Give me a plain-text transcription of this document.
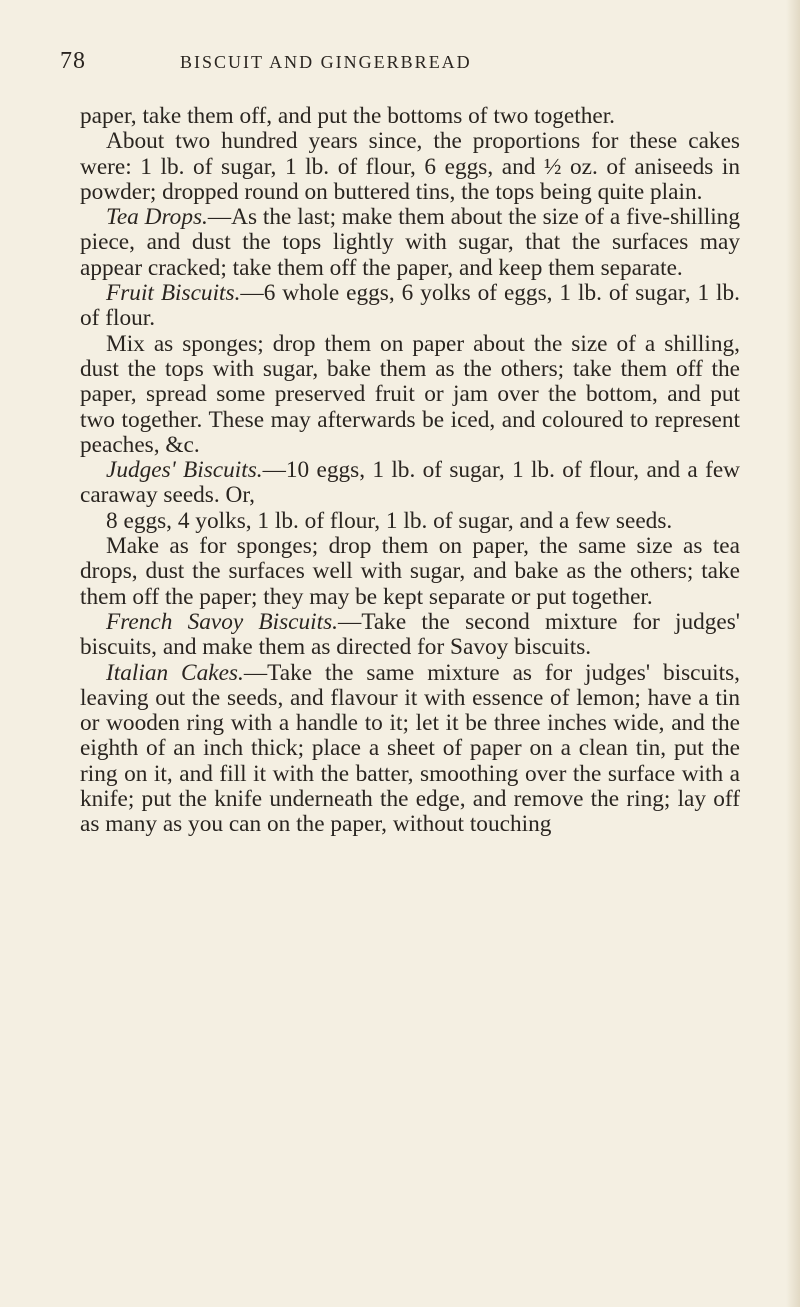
78	BISCUIT AND GINGERBREAD

paper, take them off, and put the bottoms of two together.

About two hundred years since, the proportions for these cakes were: 1 lb. of sugar, 1 lb. of flour, 6 eggs, and ½ oz. of aniseeds in powder; dropped round on buttered tins, the tops being quite plain.

Tea Drops.—As the last; make them about the size of a five-shilling piece, and dust the tops lightly with sugar, that the surfaces may appear cracked; take them off the paper, and keep them separate.

Fruit Biscuits.—6 whole eggs, 6 yolks of eggs, 1 lb. of sugar, 1 lb. of flour.

Mix as sponges; drop them on paper about the size of a shilling, dust the tops with sugar, bake them as the others; take them off the paper, spread some preserved fruit or jam over the bottom, and put two together. These may afterwards be iced, and coloured to represent peaches, &c.

Judges' Biscuits.—10 eggs, 1 lb. of sugar, 1 lb. of flour, and a few caraway seeds. Or,

8 eggs, 4 yolks, 1 lb. of flour, 1 lb. of sugar, and a few seeds.

Make as for sponges; drop them on paper, the same size as tea drops, dust the surfaces well with sugar, and bake as the others; take them off the paper; they may be kept separate or put together.

French Savoy Biscuits.—Take the second mixture for judges' biscuits, and make them as directed for Savoy biscuits.

Italian Cakes.—Take the same mixture as for judges' biscuits, leaving out the seeds, and flavour it with essence of lemon; have a tin or wooden ring with a handle to it; let it be three inches wide, and the eighth of an inch thick; place a sheet of paper on a clean tin, put the ring on it, and fill it with the batter, smoothing over the surface with a knife; put the knife underneath the edge, and remove the ring; lay off as many as you can on the paper, without touching
